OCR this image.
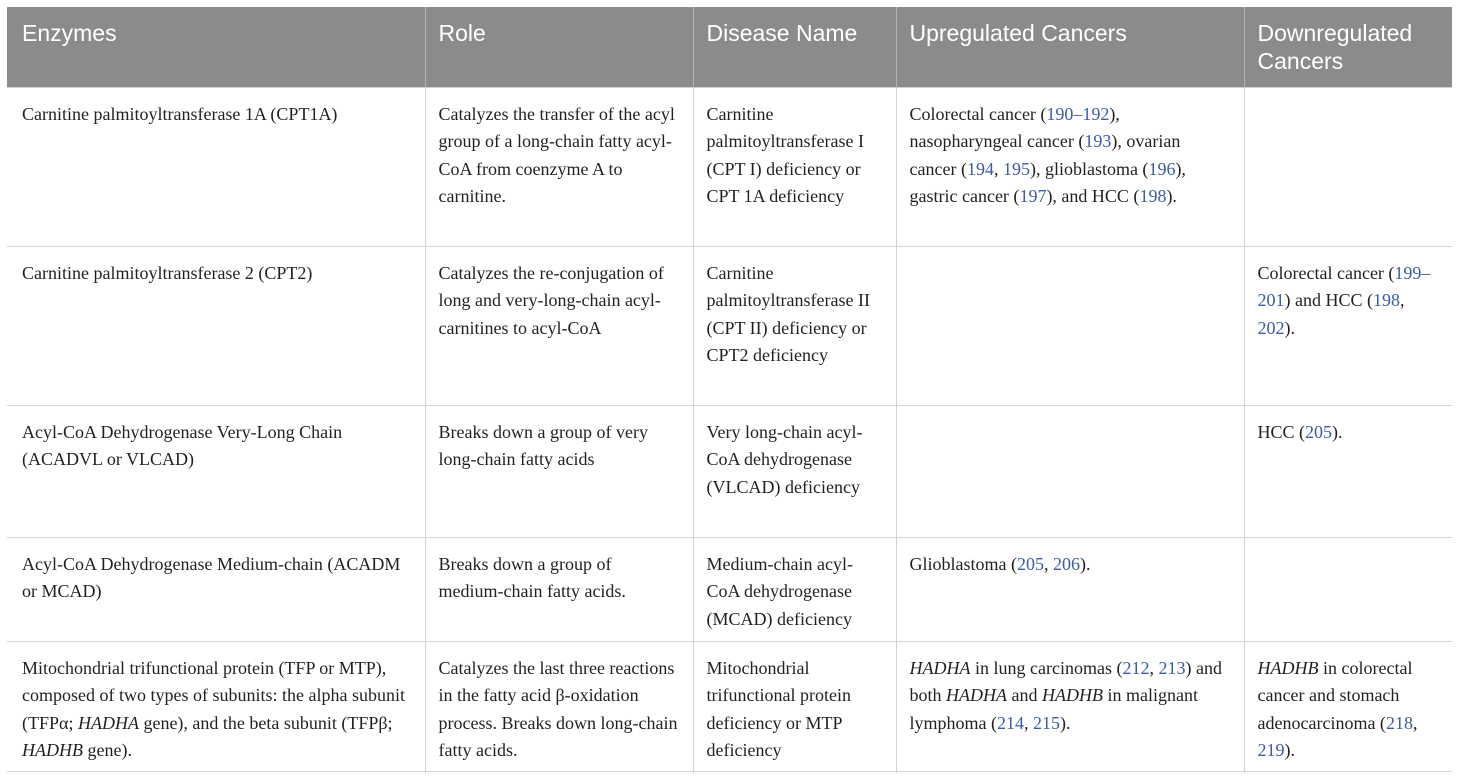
Enzymes	Role	Disease Name	Upregulated Cancers	Downregulated Cancers
Carnitine palmitoyltransferase 1A (CPT1A)	Catalyzes the transfer of the acyl group of a long-chain fatty acyl-CoA from coenzyme A to carnitine.	Carnitine palmitoyltransferase I (CPT I) deficiency or CPT 1A deficiency	Colorectal cancer (190–192), nasopharyngeal cancer (193), ovarian cancer (194, 195), glioblastoma (196), gastric cancer (197), and HCC (198).	
Carnitine palmitoyltransferase 2 (CPT2)	Catalyzes the re-conjugation of long and very-long-chain acyl-carnitines to acyl-CoA	Carnitine palmitoyltransferase II (CPT II) deficiency or CPT2 deficiency		Colorectal cancer (199–201) and HCC (198, 202).
Acyl-CoA Dehydrogenase Very-Long Chain (ACADVL or VLCAD)	Breaks down a group of very long-chain fatty acids	Very long-chain acyl-CoA dehydrogenase (VLCAD) deficiency		HCC (205).
Acyl-CoA Dehydrogenase Medium-chain (ACADM or MCAD)	Breaks down a group of medium-chain fatty acids.	Medium-chain acyl-CoA dehydrogenase (MCAD) deficiency	Glioblastoma (205, 206).	
Mitochondrial trifunctional protein (TFP or MTP), composed of two types of subunits: the alpha subunit (TFPα; HADHA gene), and the beta subunit (TFPβ; HADHB gene).	Catalyzes the last three reactions in the fatty acid β-oxidation process. Breaks down long-chain fatty acids.	Mitochondrial trifunctional protein deficiency or MTP deficiency	HADHA in lung carcinomas (212, 213) and both HADHA and HADHB in malignant lymphoma (214, 215).	HADHB in colorectal cancer and stomach adenocarcinoma (218, 219).
